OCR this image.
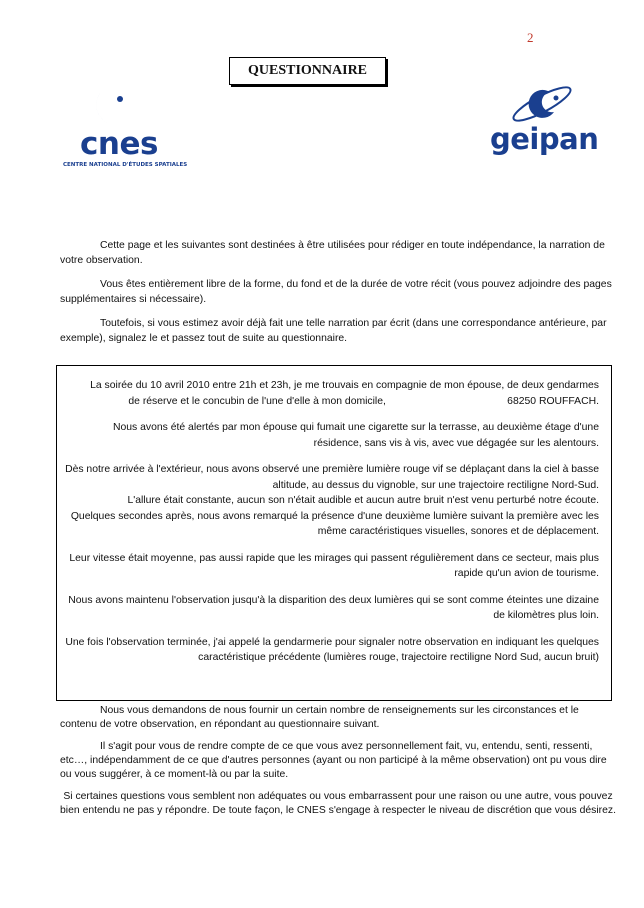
2
QUESTIONNAIRE
cnes
CENTRE NATIONAL D'ÉTUDES SPATIALES
geipan

Cette page et les suivantes sont destinées à être utilisées pour rédiger en toute indépendance, la narration de votre observation.

Vous êtes entièrement libre de la forme, du fond et de la durée de votre récit (vous pouvez adjoindre des pages supplémentaires si nécessaire).

Toutefois, si vous estimez avoir déjà fait une telle narration par écrit (dans une correspondance antérieure, par exemple), signalez le et passez tout de suite au questionnaire.

La soirée du 10 avril 2010 entre 21h et 23h, je me trouvais en compagnie de mon épouse, de deux gendarmes

de réserve et le concubin de l'une d'elle à mon domicile,	68250 ROUFFACH.

Nous avons été alertés par mon épouse qui fumait une cigarette sur la terrasse, au deuxième étage d'une résidence, sans vis à vis, avec vue dégagée sur les alentours.

Dès notre arrivée à l'extérieur, nous avons observé une première lumière rouge vif se déplaçant dans la ciel à basse altitude, au dessus du vignoble, sur une trajectoire rectiligne Nord-Sud.

L'allure était constante, aucun son n'était audible et aucun autre bruit n'est venu perturbé notre écoute.

Quelques secondes après, nous avons remarqué la présence d'une deuxième lumière suivant la première avec les même caractéristiques visuelles, sonores et de déplacement.

Leur vitesse était moyenne, pas aussi rapide que les mirages qui passent régulièrement dans ce secteur, mais plus rapide qu'un avion de tourisme.

Nous avons maintenu l'observation jusqu'à la disparition des deux lumières qui se sont comme éteintes une dizaine de kilomètres plus loin.

Une fois l'observation terminée, j'ai appelé la gendarmerie pour signaler notre observation en indiquant les quelques caractéristique précédente (lumières rouge, trajectoire rectiligne Nord Sud, aucun bruit)

Nous vous demandons de nous fournir un certain nombre de renseignements sur les circonstances et le contenu de votre observation, en répondant au questionnaire suivant.

Il s'agit pour vous de rendre compte de ce que vous avez personnellement fait, vu, entendu, senti, ressenti, etc…, indépendamment de ce que d'autres personnes (ayant ou non participé à la même observation) ont pu vous dire ou vous suggérer, à ce moment-là ou par la suite.

Si certaines questions vous semblent non adéquates ou vous embarrassent pour une raison ou une autre, vous pouvez bien entendu ne pas y répondre. De toute façon, le CNES s'engage à respecter le niveau de discrétion que vous désirez.
